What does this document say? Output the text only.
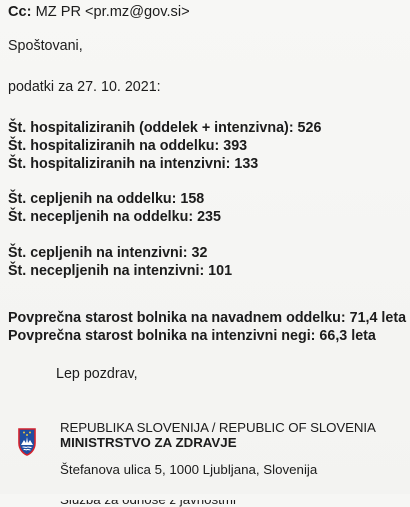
Cc: MZ PR <pr.mz@gov.si>
Spoštovani,
podatki za 27. 10. 2021:
Št. hospitaliziranih (oddelek + intenzivna): 526
Št. hospitaliziranih na oddelku: 393
Št. hospitaliziranih na intenzivni: 133
Št. cepljenih na oddelku: 158
Št. necepljenih na oddelku: 235
Št. cepljenih na intenzivni: 32
Št. necepljenih na intenzivni: 101
Povprečna starost bolnika na navadnem oddelku: 71,4 leta
Povprečna starost bolnika na intenzivni negi: 66,3 leta
Lep pozdrav,
REPUBLIKA SLOVENIJA / REPUBLIC OF SLOVENIA
MINISTRSTVO ZA ZDRAVJE
Štefanova ulica 5, 1000 Ljubljana, Slovenija
